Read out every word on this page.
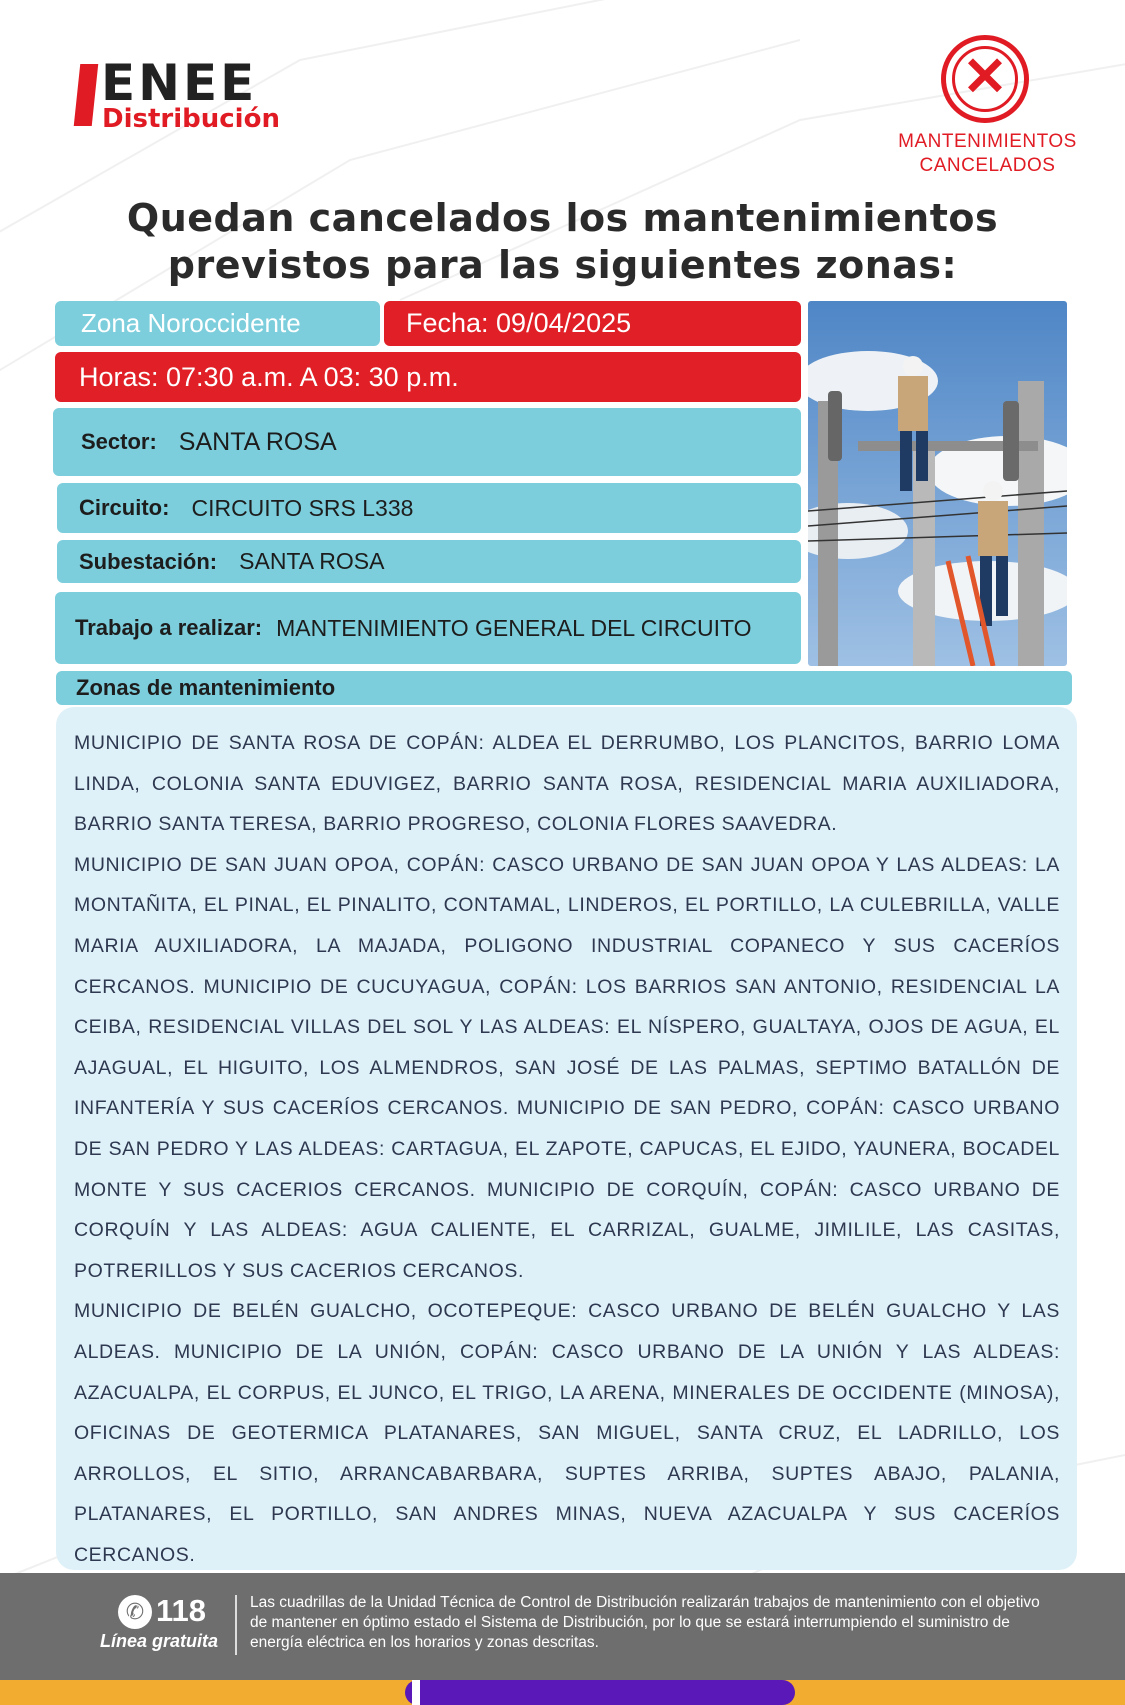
ENEE
Distribución
✕
MANTENIMIENTOS
CANCELADOS
Quedan cancelados los mantenimientos
previstos para las siguientes zonas:
Zona Noroccidente	Fecha: 09/04/2025
Horas: 07:30 a.m. A 03: 30 p.m.
Sector: SANTA ROSA
Circuito: CIRCUITO SRS L338
Subestación: SANTA ROSA
Trabajo a realizar: MANTENIMIENTO GENERAL DEL CIRCUITO
Zonas de mantenimiento

MUNICIPIO DE SANTA ROSA DE COPÁN: ALDEA EL DERRUMBO, LOS PLANCITOS, BARRIO LOMA LINDA, COLONIA SANTA EDUVIGEZ, BARRIO SANTA ROSA, RESIDENCIAL MARIA AUXILIADORA, BARRIO SANTA TERESA, BARRIO PROGRESO, COLONIA FLORES SAAVEDRA.

MUNICIPIO DE SAN JUAN OPOA, COPÁN: CASCO URBANO DE SAN JUAN OPOA Y LAS ALDEAS: LA MONTAÑITA, EL PINAL, EL PINALITO, CONTAMAL, LINDEROS, EL PORTILLO, LA CULEBRILLA, VALLE MARIA AUXILIADORA, LA MAJADA, POLIGONO INDUSTRIAL COPANECO Y SUS CACERÍOS CERCANOS. MUNICIPIO DE CUCUYAGUA, COPÁN: LOS BARRIOS SAN ANTONIO, RESIDENCIAL LA CEIBA, RESIDENCIAL VILLAS DEL SOL Y LAS ALDEAS: EL NÍSPERO, GUALTAYA, OJOS DE AGUA, EL AJAGUAL, EL HIGUITO, LOS ALMENDROS, SAN JOSÉ DE LAS PALMAS, SEPTIMO BATALLÓN DE INFANTERÍA Y SUS CACERÍOS CERCANOS. MUNICIPIO DE SAN PEDRO, COPÁN: CASCO URBANO DE SAN PEDRO Y LAS ALDEAS: CARTAGUA, EL ZAPOTE, CAPUCAS, EL EJIDO, YAUNERA, BOCADEL MONTE Y SUS CACERIOS CERCANOS. MUNICIPIO DE CORQUÍN, COPÁN: CASCO URBANO DE CORQUÍN Y LAS ALDEAS: AGUA CALIENTE, EL CARRIZAL, GUALME, JIMILILE, LAS CASITAS, POTRERILLOS Y SUS CACERIOS CERCANOS.

MUNICIPIO DE BELÉN GUALCHO, OCOTEPEQUE: CASCO URBANO DE BELÉN GUALCHO Y LAS ALDEAS. MUNICIPIO DE LA UNIÓN, COPÁN: CASCO URBANO DE LA UNIÓN Y LAS ALDEAS: AZACUALPA, EL CORPUS, EL JUNCO, EL TRIGO, LA ARENA, MINERALES DE OCCIDENTE (MINOSA), OFICINAS DE GEOTERMICA PLATANARES, SAN MIGUEL, SANTA CRUZ, EL LADRILLO, LOS ARROLLOS, EL SITIO, ARRANCABARBARA, SUPTES ARRIBA, SUPTES ABAJO, PALANIA, PLATANARES, EL PORTILLO, SAN ANDRES MINAS, NUEVA AZACUALPA Y SUS CACERÍOS CERCANOS.

✆ 118
Línea gratuita
Las cuadrillas de la Unidad Técnica de Control de Distribución realizarán trabajos de mantenimiento con el objetivo de mantener en óptimo estado el Sistema de Distribución, por lo que se estará interrumpiendo el suministro de energía eléctrica en los horarios y zonas descritas.
